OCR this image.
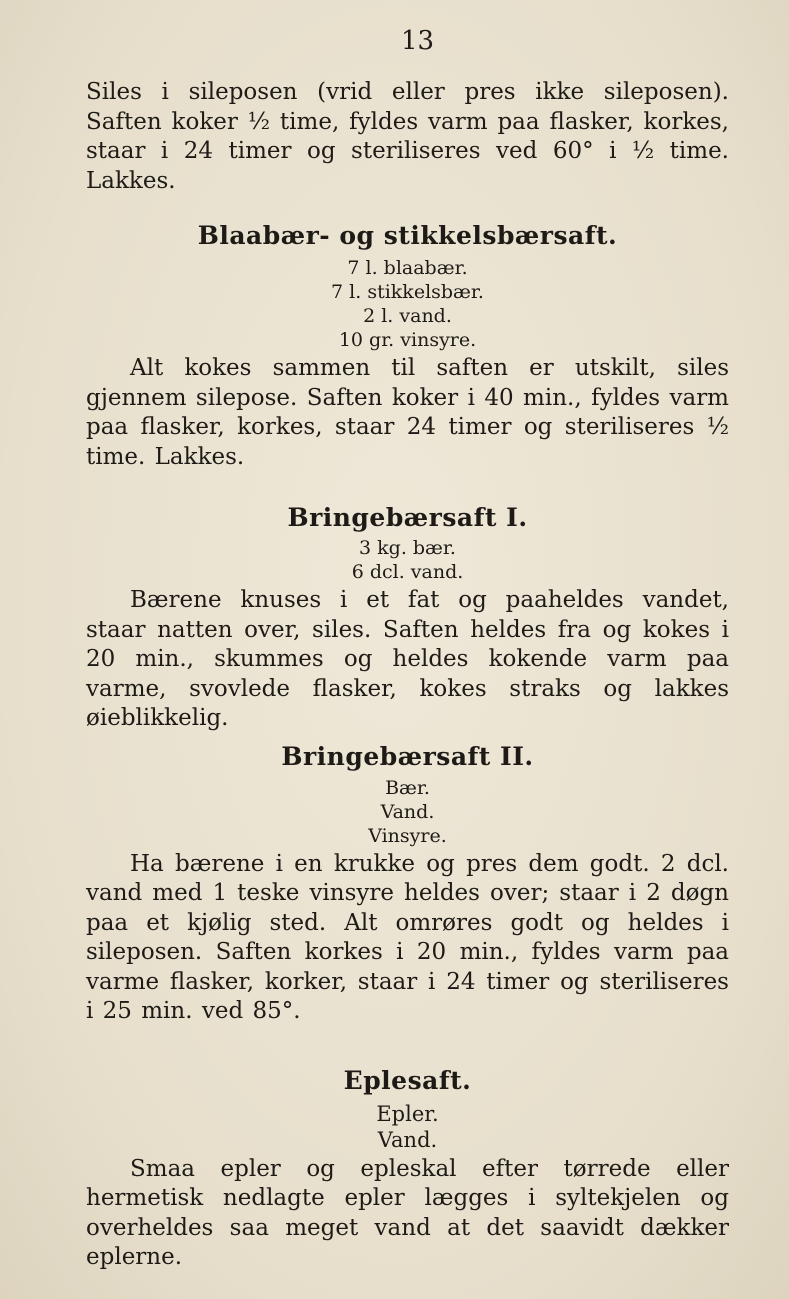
13

Siles i sileposen (vrid eller pres ikke sileposen). Saften koker ½ time, fyldes varm paa flasker, korkes, staar i 24 timer og steriliseres ved 60° i ½ time. Lakkes.

Blaabær- og stikkelsbærsaft.
7 l. blaabær.
7 l. stikkelsbær.
2 l. vand.
10 gr. vinsyre.

Alt kokes sammen til saften er utskilt, siles gjennem silepose. Saften koker i 40 min., fyldes varm paa flasker, korkes, staar 24 timer og steriliseres ½ time. Lakkes.

Bringebærsaft I.
3 kg. bær.
6 dcl. vand.

Bærene knuses i et fat og paaheldes vandet, staar natten over, siles. Saften heldes fra og kokes i 20 min., skummes og heldes kokende varm paa varme, svovlede flasker, kokes straks og lakkes øieblikkelig.

Bringebærsaft II.
Bær.
Vand.
Vinsyre.

Ha bærene i en krukke og pres dem godt. 2 dcl. vand med 1 teske vinsyre heldes over; staar i 2 døgn paa et kjølig sted. Alt omrøres godt og heldes i sileposen. Saften korkes i 20 min., fyldes varm paa varme flasker, korker, staar i 24 timer og steriliseres i 25 min. ved 85°.

Eplesaft.
Epler.
Vand.

Smaa epler og epleskal efter tørrede eller hermetisk nedlagte epler lægges i syltekjelen og overheldes saa meget vand at det saavidt dækker eplerne.
